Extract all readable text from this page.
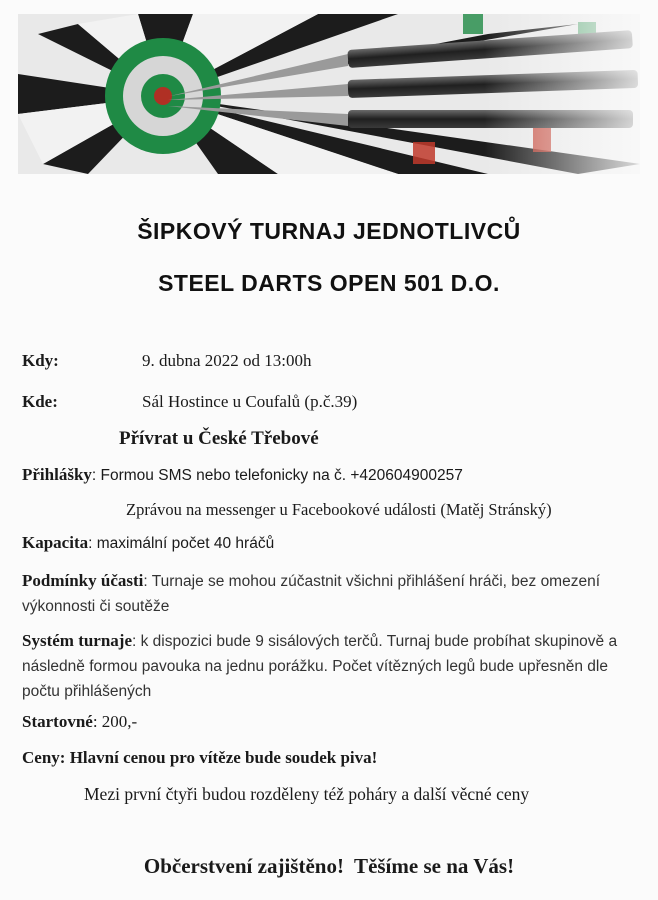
ŠIPKOVÝ TURNAJ JEDNOTLIVCŮ
STEEL DARTS OPEN 501 D.O.
Kdy:	9. dubna 2022 od 13:00h
Kde:	Sál Hostince u Coufalů (p.č.39)
Přívrat u České Třebové
Přihlášky: Formou SMS nebo telefonicky na č. +420604900257
Zprávou na messenger u Facebookové události (Matěj Stránský)
Kapacita: maximální počet 40 hráčů
Podmínky účasti: Turnaje se mohou zúčastnit všichni přihlášení hráči, bez omezení výkonnosti či soutěže
Systém turnaje: k dispozici bude 9 sisálových terčů. Turnaj bude probíhat skupinově a následně formou pavouka na jednu porážku. Počet vítězných legů bude upřesněn dle počtu přihlášených
Startovné: 200,-
Ceny: Hlavní cenou pro vítěze bude soudek piva!
Mezi první čtyři budou rozděleny též poháry a další věcné ceny
Občerstvení zajištěno!  Těšíme se na Vás!
